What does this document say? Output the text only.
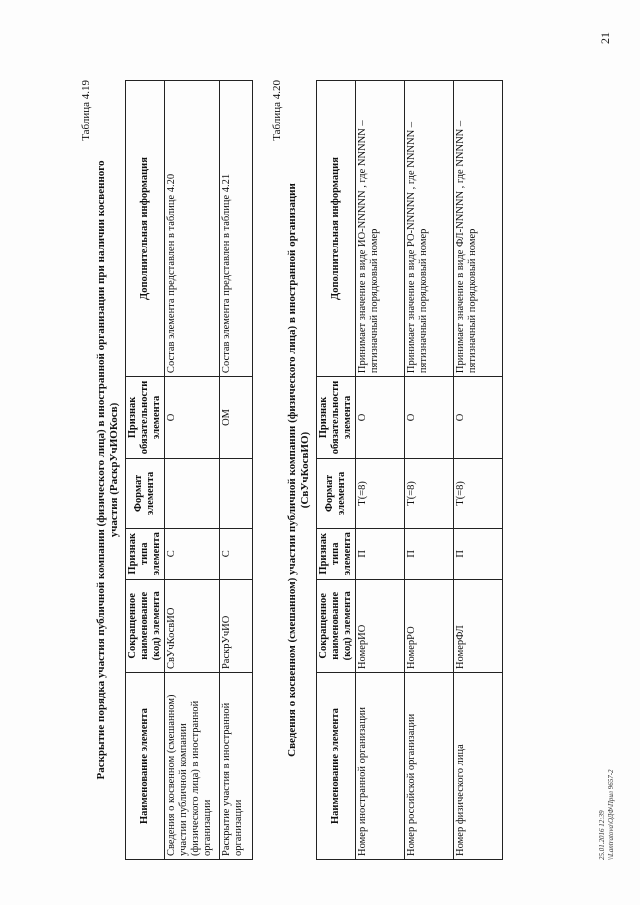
21
25.01.2016 12:39 \\Lantratova\ОДФ\Прил 9657-2
Таблица 4.19
Раскрытие порядка участия публичной компании (физического лица) в иностранной организации при наличии косвенного участия (РаскрУчИОКосв)
Наименование элемента	Сокращенное наименование (код) элемента	Признак типа элемента	Формат элемента	Признак обязательности элемента	Дополнительная информация
Сведения о косвенном (смешанном) участии публичной компании (физического лица) в иностранной организации	СвУчКосвИО	С		О	Состав элемента представлен в таблице 4.20
Раскрытие участия в иностранной организации	РаскрУчИО	С		ОМ	Состав элемента представлен в таблице 4.21
Таблица 4.20
Сведения о косвенном (смешанном) участии публичной компании (физического лица) в иностранной организации (СвУчКосвИО)
Наименование элемента	Сокращенное наименование (код) элемента	Признак типа элемента	Формат элемента	Признак обязательности элемента	Дополнительная информация
Номер иностранной организации	НомерИО	П	T(=8)	О	Принимает значение в виде ИО-NNNNN , где NNNNN – пятизначный порядковый номер
Номер российской организации	НомерРО	П	T(=8)	О	Принимает значение в виде РО-NNNNN , где NNNNN – пятизначный порядковый номер
Номер физического лица	НомерФЛ	П	T(=8)	О	Принимает значение в виде ФЛ-NNNNN , где NNNNN – пятизначный порядковый номер
